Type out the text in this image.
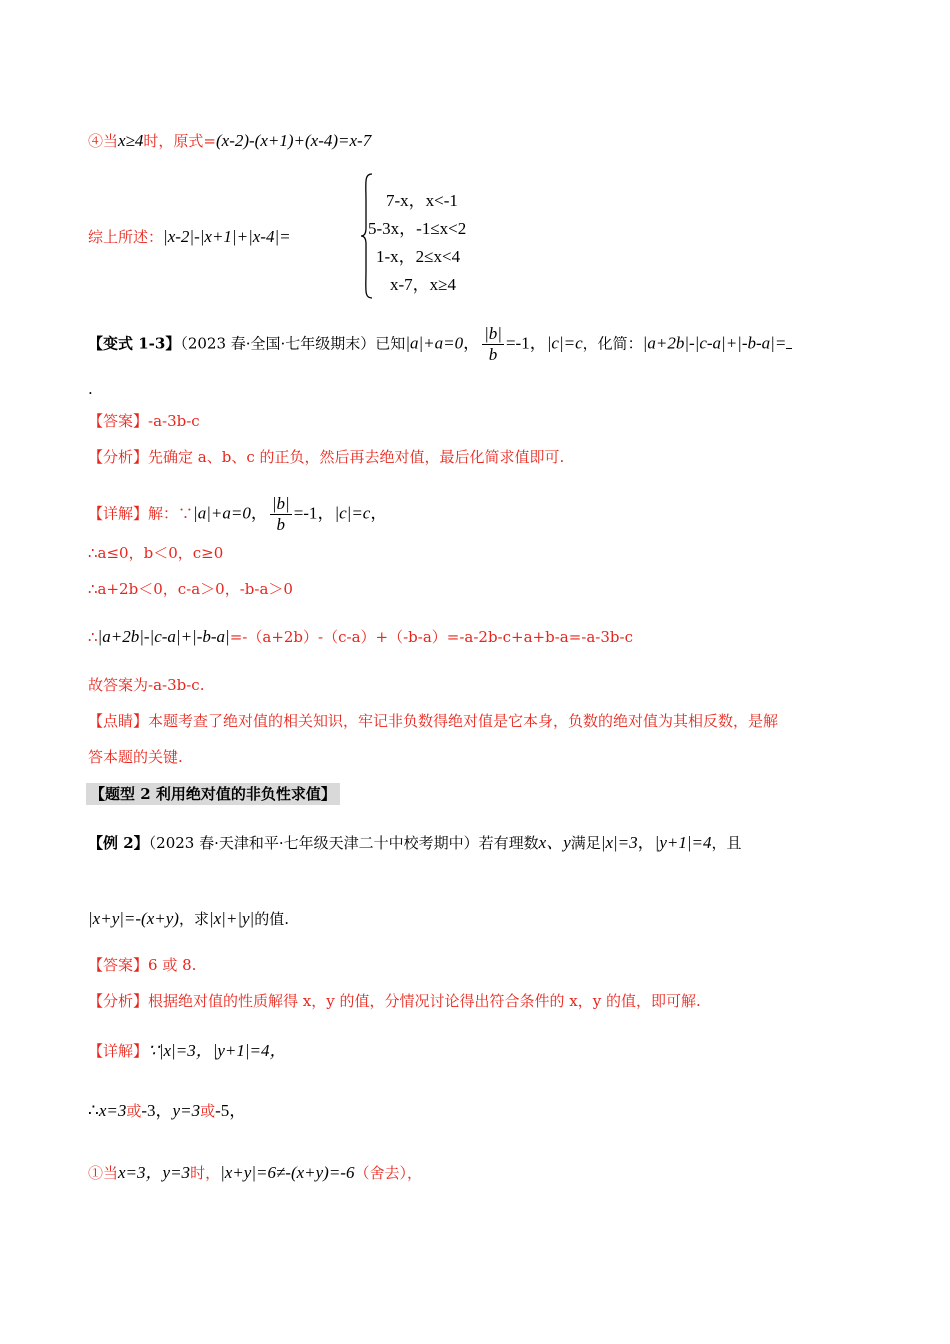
④当x≥4时，原式=(x-2)-(x+1)+(x-4)=x-7
综上所述：|x-2|-|x+1|+|x-4|=
7-x，x<-1
5-3x，-1≤x<2
1-x，2≤x<4
x-7，x≥4
【变式 1-3】（2023 春·全国·七年级期末）已知|a|+a=0， $\frac{|b|}{b} =-1$，|c|=c，化简：|a+2b|-|c-a|+|-b-a|=
.
【答案】-a-3b-c
【分析】先确定 a、b、c 的正负，然后再去绝对值，最后化简求值即可.
【详解】解：∵|a|+a=0， $\frac{|b|}{b} =-1$，|c|=c，
∴a≤0，b＜0，c≥0
∴a+2b＜0，c-a＞0，-b-a＞0
∴|a+2b|-|c-a|+|-b-a|=-（a+2b）-（c-a）+（-b-a）=-a-2b-c+a+b-a=-a-3b-c
故答案为-a-3b-c.
【点睛】本题考查了绝对值的相关知识，牢记非负数得绝对值是它本身，负数的绝对值为其相反数，是解
答本题的关键.
【题型 2 利用绝对值的非负性求值】
【例 2】（2023 春·天津和平·七年级天津二十中校考期中）若有理数x、y满足|x|=3，|y+1|=4，且
|x+y|=-(x+y)，求|x|+|y|的值.
【答案】6 或 8.
【分析】根据绝对值的性质解得 x，y 的值，分情况讨论得出符合条件的 x，y 的值，即可解.
【详解】∵|x|=3，|y+1|=4，
∴x=3或-3，y=3或-5，
①当x=3，y=3时，|x+y|=6≠-(x+y)=-6（舍去），
